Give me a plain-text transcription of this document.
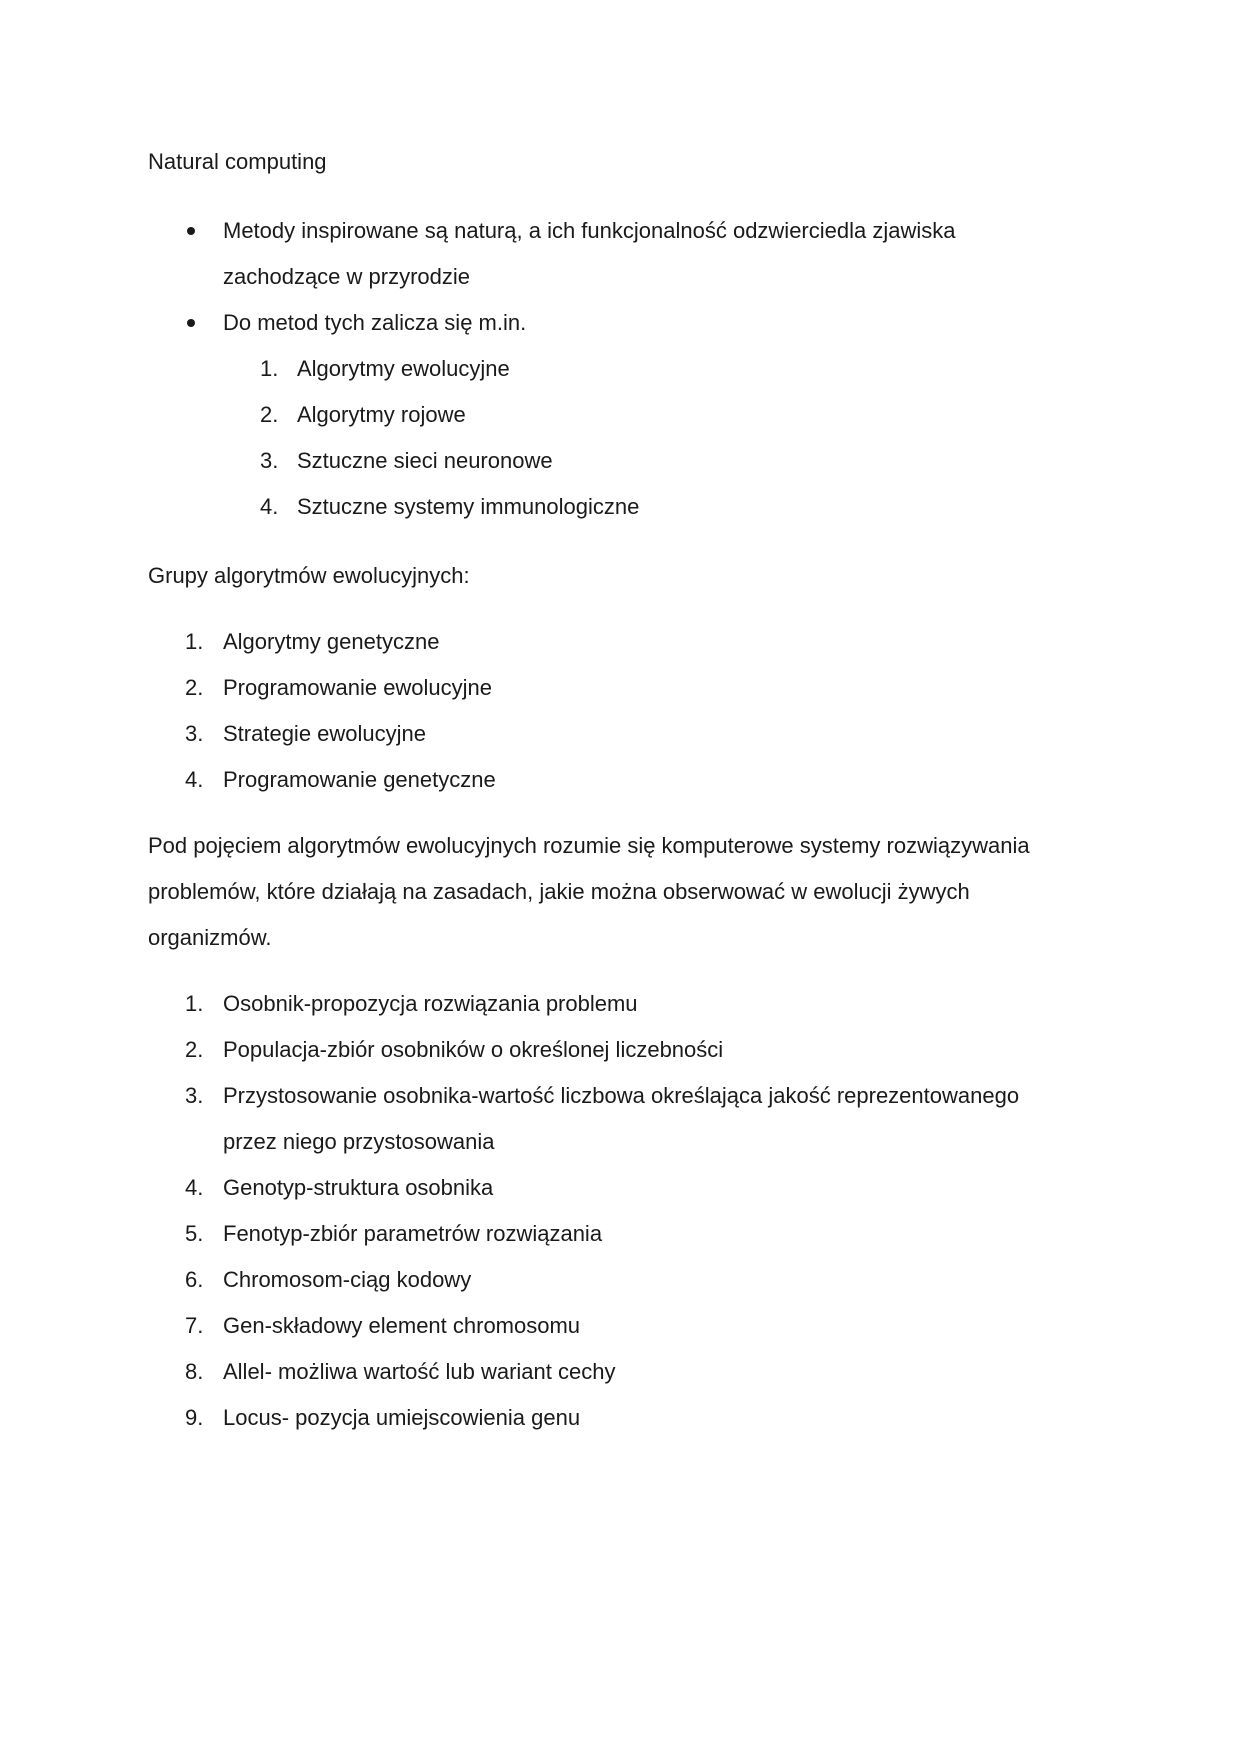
Natural computing
Metody inspirowane są naturą, a ich funkcjonalność odzwierciedla zjawiska
zachodzące w przyrodzie
Do metod tych zalicza się m.in.
1. Algorytmy ewolucyjne
2. Algorytmy rojowe
3. Sztuczne sieci neuronowe
4. Sztuczne systemy immunologiczne
Grupy algorytmów ewolucyjnych:
1. Algorytmy genetyczne
2. Programowanie ewolucyjne
3. Strategie ewolucyjne
4. Programowanie genetyczne
Pod pojęciem algorytmów ewolucyjnych rozumie się komputerowe systemy rozwiązywania
problemów, które działają na zasadach, jakie można obserwować w ewolucji żywych
organizmów.
1. Osobnik-propozycja rozwiązania problemu
2. Populacja-zbiór osobników o określonej liczebności
3. Przystosowanie osobnika-wartość liczbowa określająca jakość reprezentowanego
przez niego przystosowania
4. Genotyp-struktura osobnika
5. Fenotyp-zbiór parametrów rozwiązania
6. Chromosom-ciąg kodowy
7. Gen-składowy element chromosomu
8. Allel- możliwa wartość lub wariant cechy
9. Locus- pozycja umiejscowienia genu
